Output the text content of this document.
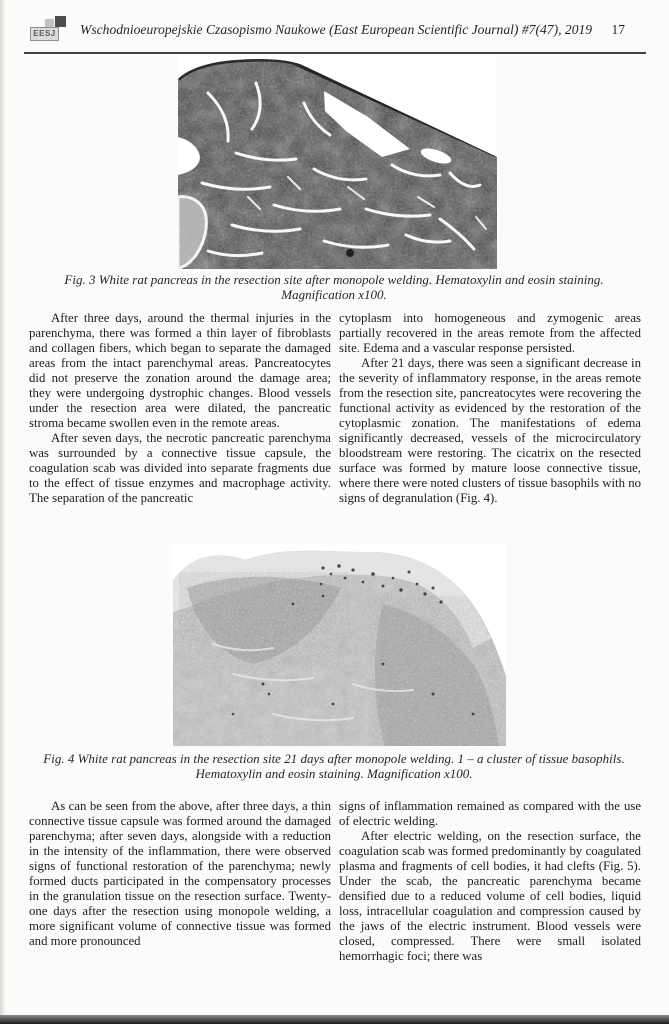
EESJ Wschodnioeuropejskie Czasopismo Naukowe (East European Scientific Journal) #7(47), 2019 17
Fig. 3 White rat pancreas in the resection site after monopole welding. Hematoxylin and eosin staining. Magnification x100.

After three days, around the thermal injuries in the parenchyma, there was formed a thin layer of fibroblasts and collagen fibers, which began to separate the damaged areas from the intact parenchymal areas. Pancreatocytes did not preserve the zonation around the damage area; they were undergoing dystrophic changes. Blood vessels under the resection area were dilated, the pancreatic stroma became swollen even in the remote areas.

After seven days, the necrotic pancreatic parenchyma was surrounded by a connective tissue capsule, the coagulation scab was divided into separate fragments due to the effect of tissue enzymes and macrophage activity. The separation of the pancreatic

cytoplasm into homogeneous and zymogenic areas partially recovered in the areas remote from the affected site. Edema and a vascular response persisted.

After 21 days, there was seen a significant decrease in the severity of inflammatory response, in the areas remote from the resection site, pancreatocytes were recovering the functional activity as evidenced by the restoration of the cytoplasmic zonation. The manifestations of edema significantly decreased, vessels of the microcirculatory bloodstream were restoring. The cicatrix on the resected surface was formed by mature loose connective tissue, where there were noted clusters of tissue basophils with no signs of degranulation (Fig. 4).

Fig. 4 White rat pancreas in the resection site 21 days after monopole welding. 1 – a cluster of tissue basophils. Hematoxylin and eosin staining. Magnification x100.

As can be seen from the above, after three days, a thin connective tissue capsule was formed around the damaged parenchyma; after seven days, alongside with a reduction in the intensity of the inflammation, there were observed signs of functional restoration of the parenchyma; newly formed ducts participated in the compensatory processes in the granulation tissue on the resection surface. Twenty-one days after the resection using monopole welding, a more significant volume of connective tissue was formed and more pronounced

signs of inflammation remained as compared with the use of electric welding.

After electric welding, on the resection surface, the coagulation scab was formed predominantly by coagulated plasma and fragments of cell bodies, it had clefts (Fig. 5). Under the scab, the pancreatic parenchyma became densified due to a reduced volume of cell bodies, liquid loss, intracellular coagulation and compression caused by the jaws of the electric instrument. Blood vessels were closed, compressed. There were small isolated hemorrhagic foci; there was
